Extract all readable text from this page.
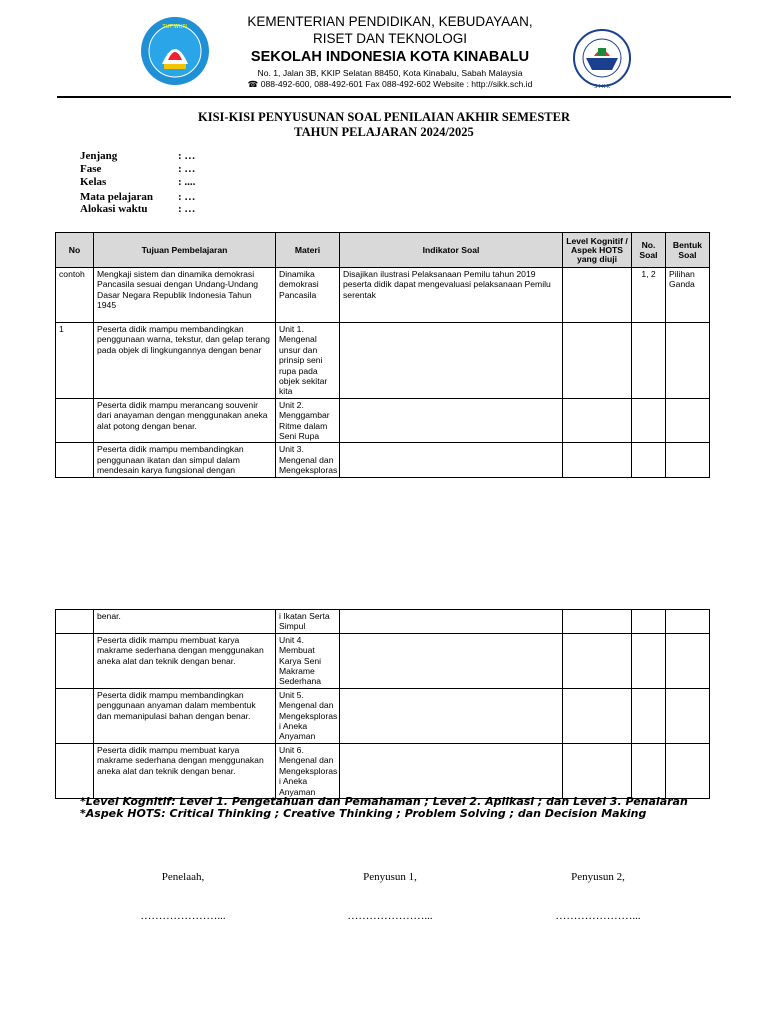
TUT WURI
S I K K
KEMENTERIAN PENDIDIKAN, KEBUDAYAAN,
RISET DAN TEKNOLOGI
SEKOLAH INDONESIA KOTA KINABALU
No. 1, Jalan 3B, KKIP Selatan 88450, Kota Kinabalu, Sabah Malaysia
☎ 088-492-600, 088-492-601 Fax 088-492-602 Website : http://sikk.sch.id
KISI-KISI PENYUSUNAN SOAL PENILAIAN AKHIR SEMESTER
TAHUN PELAJARAN 2024/2025
Jenjang	: …
Fase	: …
Kelas	: ....
Mata pelajaran : …
Alokasi waktu	: …
No	Tujuan Pembelajaran	Materi	Indikator Soal	Level Kognitif / Aspek HOTS yang diuji	No. Soal	Bentuk Soal
contoh	Mengkaji sistem dan dinamika demokrasi Pancasila sesuai dengan Undang-Undang Dasar Negara Republik Indonesia Tahun 1945	Dinamika demokrasi Pancasila	Disajikan ilustrasi Pelaksanaan Pemilu tahun 2019 peserta didik dapat mengevaluasi pelaksanaan Pemilu serentak		1, 2	Pilihan Ganda
1	Peserta didik mampu membandingkan penggunaan warna, tekstur, dan gelap terang pada objek di lingkungannya dengan benar	Unit 1. Mengenal unsur dan prinsip seni rupa pada objek sekitar kita				
	Peserta didik mampu merancang souvenir dari anayaman dengan menggunakan aneka alat potong dengan benar.	Unit 2. Menggambar Ritme dalam Seni Rupa				
	Peserta didik mampu membandingkan penggunaan ikatan dan simpul dalam mendesain karya fungsional dengan	Unit 3. Mengenal dan Mengeksploras				
	benar.	i Ikatan Serta Simpul				
	Peserta didik mampu membuat karya makrame sederhana dengan menggunakan aneka alat dan teknik dengan benar.	Unit 4. Membuat Karya Seni Makrame Sederhana				
	Peserta didik mampu membandingkan penggunaan anyaman dalam membentuk dan memanipulasi bahan dengan benar.	Unit 5. Mengenal dan Mengeksploras i Aneka Anyaman				
	Peserta didik mampu membuat karya makrame sederhana dengan menggunakan aneka alat dan teknik dengan benar.	Unit 6. Mengenal dan Mengeksploras i Aneka Anyaman				
*Level Kognitif: Level 1. Pengetahuan dan Pemahaman ; Level 2. Aplikasi ; dan Level 3. Penalaran
*Aspek HOTS: Critical Thinking ; Creative Thinking ; Problem Solving ; dan Decision Making
Penelaah,	Penyusun 1,	Penyusun 2,
…………………...	…………………...	…………………...
